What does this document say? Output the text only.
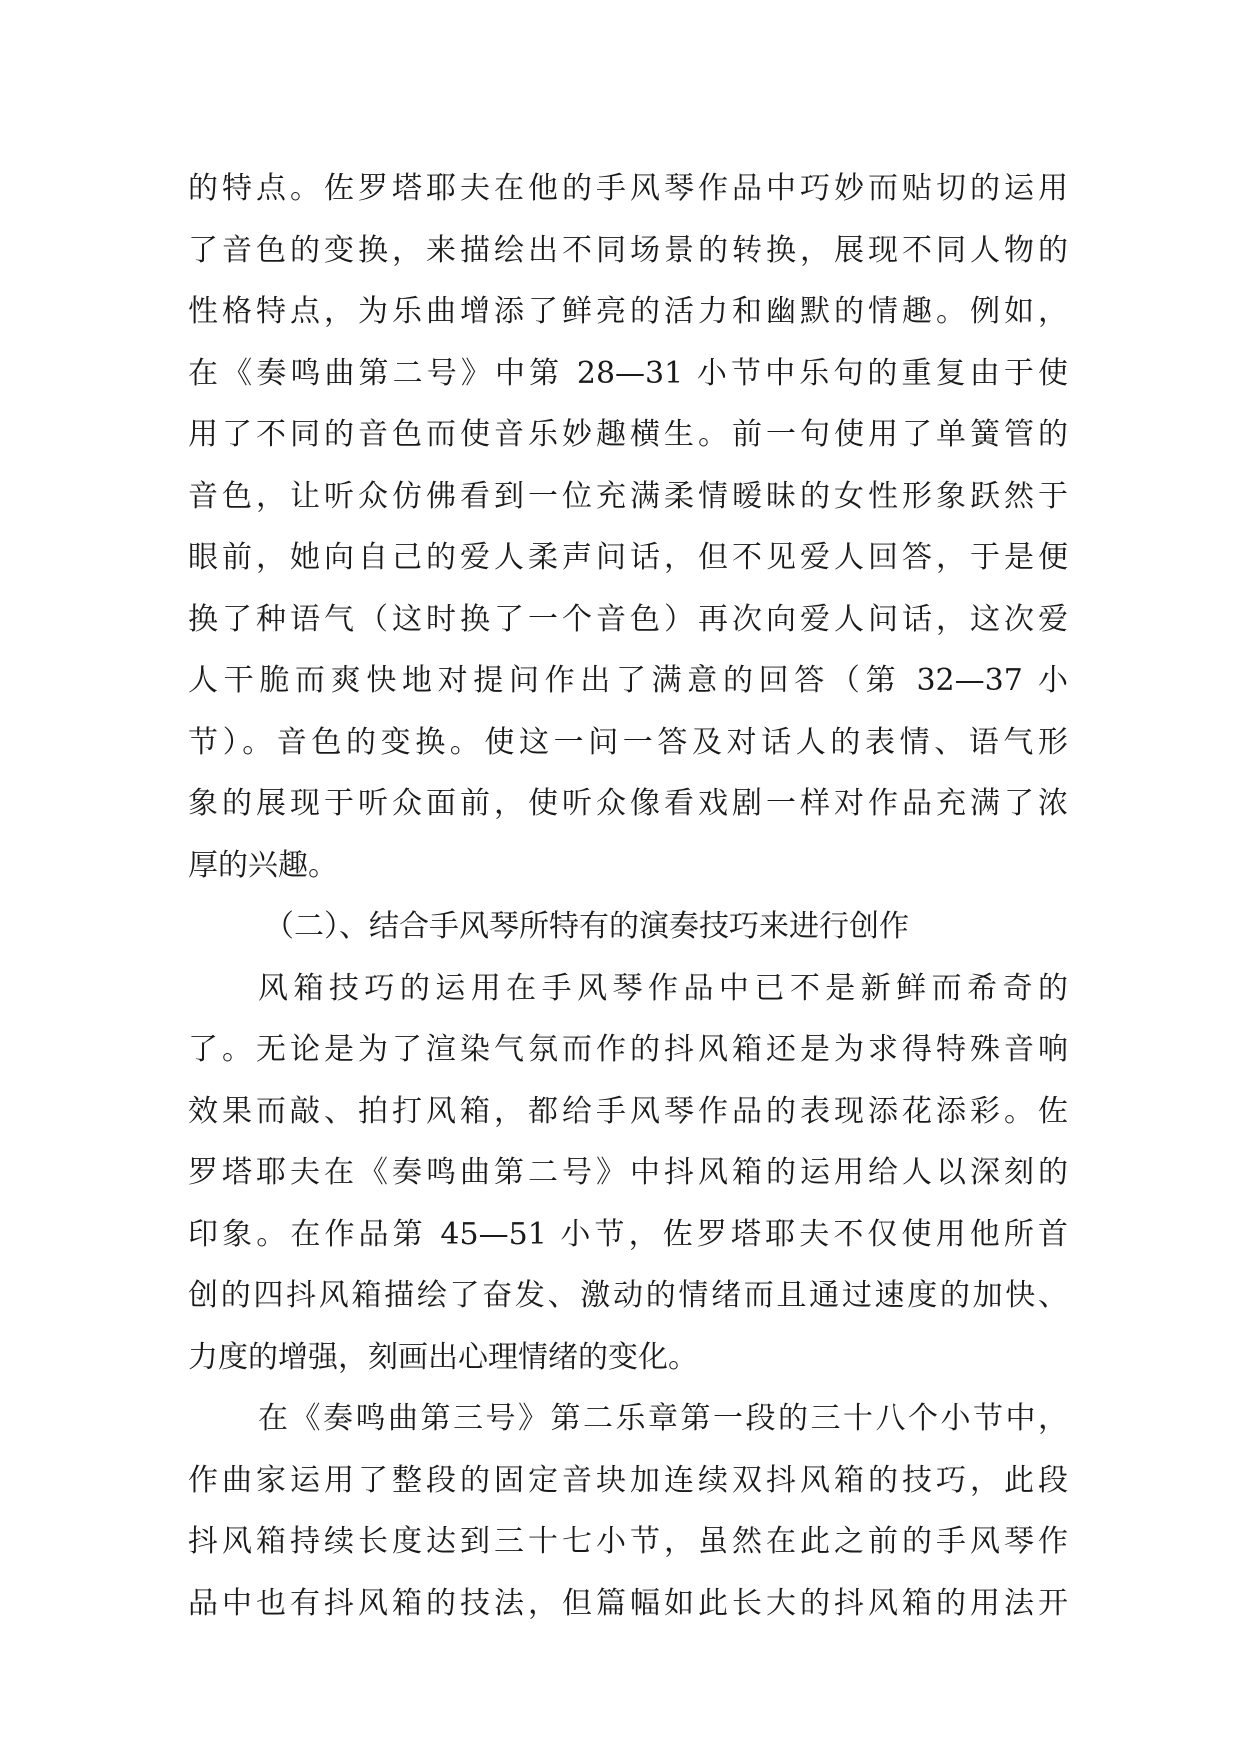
的特点。佐罗塔耶夫在他的手风琴作品中巧妙而贴切的运用
了音色的变换，来描绘出不同场景的转换，展现不同人物的
性格特点，为乐曲增添了鲜亮的活力和幽默的情趣。例如，
在《奏鸣曲第二号》中第 28—31 小节中乐句的重复由于使
用了不同的音色而使音乐妙趣横生。前一句使用了单簧管的
音色，让听众仿佛看到一位充满柔情暧昧的女性形象跃然于
眼前，她向自己的爱人柔声问话，但不见爱人回答，于是便
换了种语气（这时换了一个音色）再次向爱人问话，这次爱
人干脆而爽快地对提问作出了满意的回答（第 32—37 小
节）。音色的变换。使这一问一答及对话人的表情、语气形
象的展现于听众面前，使听众像看戏剧一样对作品充满了浓
厚的兴趣。
（二）、结合手风琴所特有的演奏技巧来进行创作
风箱技巧的运用在手风琴作品中已不是新鲜而希奇的
了。无论是为了渲染气氛而作的抖风箱还是为求得特殊音响
效果而敲、拍打风箱，都给手风琴作品的表现添花添彩。佐
罗塔耶夫在《奏鸣曲第二号》中抖风箱的运用给人以深刻的
印象。在作品第 45—51 小节，佐罗塔耶夫不仅使用他所首
创的四抖风箱描绘了奋发、激动的情绪而且通过速度的加快、
力度的增强，刻画出心理情绪的变化。
在《奏鸣曲第三号》第二乐章第一段的三十八个小节中，
作曲家运用了整段的固定音块加连续双抖风箱的技巧，此段
抖风箱持续长度达到三十七小节，虽然在此之前的手风琴作
品中也有抖风箱的技法，但篇幅如此长大的抖风箱的用法开
